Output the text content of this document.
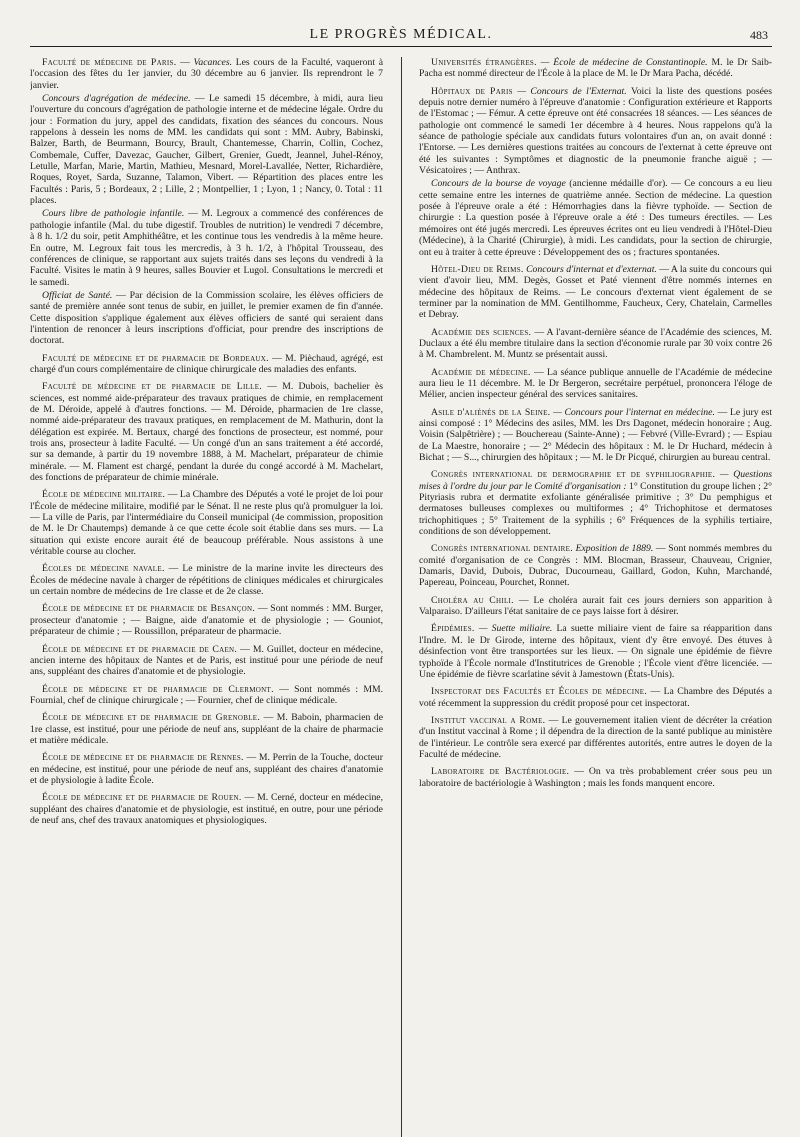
LE PROGRÈS MÉDICAL.	483

Faculté de médecine de Paris. — Vacances. Les cours de la Faculté, vaqueront à l'occasion des fêtes du 1er janvier, du 30 décembre au 6 janvier. Ils reprendront le 7 janvier.

Concours d'agrégation de médecine. — Le samedi 15 décembre, à midi, aura lieu l'ouverture du concours d'agrégation de pathologie interne et de médecine légale. Ordre du jour : Formation du jury, appel des candidats, fixation des séances du concours. Nous rappelons à dessein les noms de MM. les candidats qui sont : MM. Aubry, Babinski, Balzer, Barth, de Beurmann, Bourcy, Brault, Chantemesse, Charrin, Collin, Cochez, Combemale, Cuffer, Davezac, Gaucher, Gilbert, Grenier, Guedt, Jeannel, Juhel-Rénoy, Letulle, Marfan, Marie, Martin, Mathieu, Mesnard, Morel-Lavallée, Netter, Richardière, Roques, Royet, Sarda, Suzanne, Talamon, Vibert. — Répartition des places entre les Facultés : Paris, 5 ; Bordeaux, 2 ; Lille, 2 ; Montpellier, 1 ; Lyon, 1 ; Nancy, 0. Total : 11 places.

Cours libre de pathologie infantile. — M. Legroux a commencé des conférences de pathologie infantile (Mal. du tube digestif. Troubles de nutrition) le vendredi 7 décembre, à 8 h. 1/2 du soir, petit Amphithéâtre, et les continue tous les vendredis à la même heure. En outre, M. Legroux fait tous les mercredis, à 3 h. 1/2, à l'hôpital Trousseau, des conférences de clinique, se rapportant aux sujets traités dans ses leçons du vendredi à la Faculté. Visites le matin à 9 heures, salles Bouvier et Lugol. Consultations le mercredi et le samedi.

Officiat de Santé. — Par décision de la Commission scolaire, les élèves officiers de santé de première année sont tenus de subir, en juillet, le premier examen de fin d'année. Cette disposition s'applique également aux élèves officiers de santé qui seraient dans l'intention de renoncer à leurs inscriptions d'officiat, pour prendre des inscriptions de doctorat.

Faculté de médecine et de pharmacie de Bordeaux. — M. Pièchaud, agrégé, est chargé d'un cours complémentaire de clinique chirurgicale des maladies des enfants.

Faculté de médecine et de pharmacie de Lille. — M. Dubois, bachelier ès sciences, est nommé aide-préparateur des travaux pratiques de chimie, en remplacement de M. Déroide, appelé à d'autres fonctions. — M. Déroide, pharmacien de 1re classe, nommé aide-préparateur des travaux pratiques, en remplacement de M. Mathurin, dont la délégation est expirée. M. Bertaux, chargé des fonctions de prosecteur, est nommé, pour trois ans, prosecteur à ladite Faculté. — Un congé d'un an sans traitement a été accordé, sur sa demande, à partir du 19 novembre 1888, à M. Machelart, préparateur de chimie minérale. — M. Flament est chargé, pendant la durée du congé accordé à M. Machelart, des fonctions de préparateur de chimie minérale.

École de médecine militaire. — La Chambre des Députés a voté le projet de loi pour l'École de médecine militaire, modifié par le Sénat. Il ne reste plus qu'à promulguer la loi. — La ville de Paris, par l'intermédiaire du Conseil municipal (4e commission, proposition de M. le Dr Chautemps) demande à ce que cette école soit établie dans ses murs. — La situation qui existe encore aurait été de beaucoup préférable. Nous assistons à une véritable course au clocher.

Écoles de médecine navale. — Le ministre de la marine invite les directeurs des Écoles de médecine navale à charger de répétitions de cliniques médicales et chirurgicales un certain nombre de médecins de 1re classe et de 2e classe.

École de médecine et de pharmacie de Besançon. — Sont nommés : MM. Burger, prosecteur d'anatomie ; — Baigne, aide d'anatomie et de physiologie ; — Gouniot, préparateur de chimie ; — Roussillon, préparateur de pharmacie.

École de médecine et de pharmacie de Caen. — M. Guillet, docteur en médecine, ancien interne des hôpitaux de Nantes et de Paris, est institué pour une période de neuf ans, suppléant des chaires d'anatomie et de physiologie.

École de médecine et de pharmacie de Clermont. — Sont nommés : MM. Fournial, chef de clinique chirurgicale ; — Fournier, chef de clinique médicale.

École de médecine et de pharmacie de Grenoble. — M. Baboin, pharmacien de 1re classe, est institué, pour une période de neuf ans, suppléant de la chaire de pharmacie et matière médicale.

École de médecine et de pharmacie de Rennes. — M. Perrin de la Touche, docteur en médecine, est institué, pour une période de neuf ans, suppléant des chaires d'anatomie et de physiologie à ladite École.

École de médecine et de pharmacie de Rouen. — M. Cerné, docteur en médecine, suppléant des chaires d'anatomie et de physiologie, est institué, en outre, pour une période de neuf ans, chef des travaux anatomiques et physiologiques.

Universités étrangères. — École de médecine de Constantinople. M. le Dr Saib-Pacha est nommé directeur de l'École à la place de M. le Dr Mara Pacha, décédé.

Hôpitaux de Paris — Concours de l'Externat. Voici la liste des questions posées depuis notre dernier numéro à l'épreuve d'anatomie : Configuration extérieure et Rapports de l'Estomac ; — Fémur. A cette épreuve ont été consacrées 18 séances. — Les séances de pathologie ont commencé le samedi 1er décembre à 4 heures. Nous rappelons qu'à la séance de pathologie spéciale aux candidats futurs volontaires d'un an, on avait donné : l'Entorse. — Les dernières questions traitées au concours de l'externat à cette épreuve ont été les suivantes : Symptômes et diagnostic de la pneumonie franche aiguë ; — Vésicatoires ; — Anthrax.

Concours de la bourse de voyage (ancienne médaille d'or). — Ce concours a eu lieu cette semaine entre les internes de quatrième année. Section de médecine. La question posée à l'épreuve orale a été : Hémorrhagies dans la fièvre typhoïde. — Section de chirurgie : La question posée à l'épreuve orale a été : Des tumeurs érectiles. — Les mémoires ont été jugés mercredi. Les épreuves écrites ont eu lieu vendredi à l'Hôtel-Dieu (Médecine), à la Charité (Chirurgie), à midi. Les candidats, pour la section de chirurgie, ont eu à traiter à cette épreuve : Développement des os ; fractures spontanées.

Hôtel-Dieu de Reims. Concours d'internat et d'externat. — A la suite du concours qui vient d'avoir lieu, MM. Degès, Gosset et Paté viennent d'être nommés internes en médecine des hôpitaux de Reims. — Le concours d'externat vient également de se terminer par la nomination de MM. Gentilhomme, Faucheux, Cery, Chatelain, Carmelles et Debray.

Académie des sciences. — A l'avant-dernière séance de l'Académie des sciences, M. Duclaux a été élu membre titulaire dans la section d'économie rurale par 30 voix contre 26 à M. Chambrelent. M. Muntz se présentait aussi.

Académie de médecine. — La séance publique annuelle de l'Académie de médecine aura lieu le 11 décembre. M. le Dr Bergeron, secrétaire perpétuel, prononcera l'éloge de Mélier, ancien inspecteur général des services sanitaires.

Asile d'aliénés de la Seine. — Concours pour l'internat en médecine. — Le jury est ainsi composé : 1° Médecins des asiles, MM. les Drs Dagonet, médecin honoraire ; Aug. Voisin (Salpêtrière) ; — Bouchereau (Sainte-Anne) ; — Febvré (Ville-Evrard) ; — Espiau de La Maestre, honoraire ; — 2° Médecin des hôpitaux : M. le Dr Huchard, médecin à Bichat ; — S..., chirurgien des hôpitaux ; — M. le Dr Picqué, chirurgien au bureau central.

Congrès international de dermographie et de syphiliographie. — Questions mises à l'ordre du jour par le Comité d'organisation : 1° Constitution du groupe lichen ; 2° Pityriasis rubra et dermatite exfoliante généralisée primitive ; 3° Du pemphigus et dermatoses bulleuses complexes ou multiformes ; 4° Trichophitose et dermatoses trichophitiques ; 5° Traitement de la syphilis ; 6° Fréquences de la syphilis tertiaire, conditions de son développement.

Congrès international dentaire. Exposition de 1889. — Sont nommés membres du comité d'organisation de ce Congrès : MM. Blocman, Brasseur, Chauveau, Crignier, Damaris, David, Dubois, Dubrac, Ducourneau, Gaillard, Godon, Kuhn, Marchandé, Papereau, Poinceau, Pourchet, Ronnet.

Choléra au Chili. — Le choléra aurait fait ces jours derniers son apparition à Valparaiso. D'ailleurs l'état sanitaire de ce pays laisse fort à désirer.

Épidémies. — Suette miliaire. La suette miliaire vient de faire sa réapparition dans l'Indre. M. le Dr Girode, interne des hôpitaux, vient d'y être envoyé. Des étuves à désinfection vont être transportées sur les lieux. — On signale une épidémie de fièvre typhoïde à l'École normale d'Institutrices de Grenoble ; l'École vient d'être licenciée. — Une épidémie de fièvre scarlatine sévit à Jamestown (États-Unis).

Inspectorat des Facultés et Écoles de médecine. — La Chambre des Députés a voté récemment la suppression du crédit proposé pour cet inspectorat.

Institut vaccinal a Rome. — Le gouvernement italien vient de décréter la création d'un Institut vaccinal à Rome ; il dépendra de la direction de la santé publique au ministère de l'intérieur. Le contrôle sera exercé par différentes autorités, entre autres le doyen de la Faculté de médecine.

Laboratoire de Bactériologie. — On va très probablement créer sous peu un laboratoire de bactériologie à Washington ; mais les fonds manquent encore.
